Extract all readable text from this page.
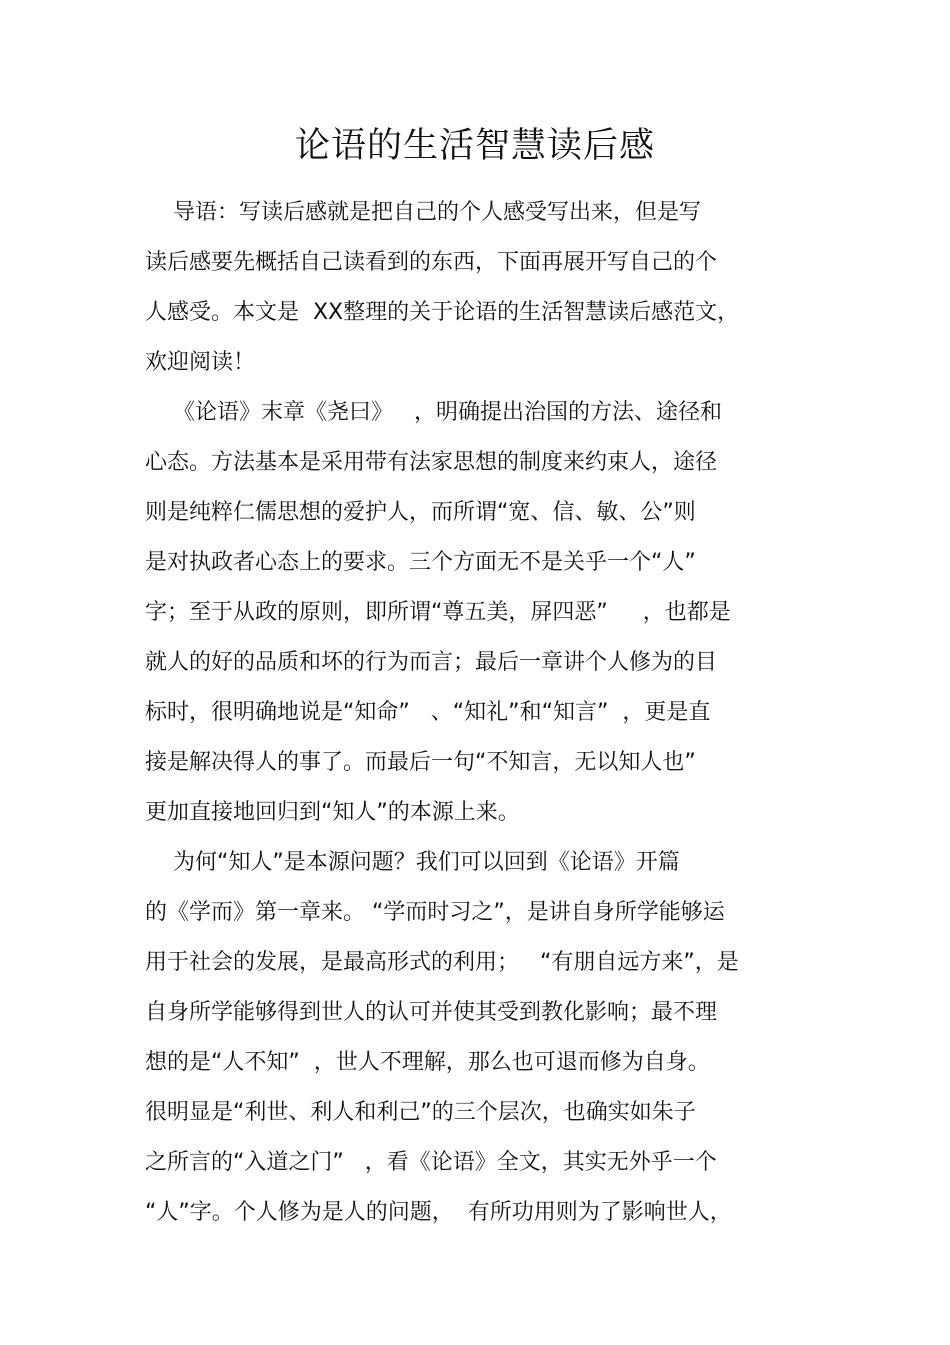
论语的生活智慧读后感
导语：写读后感就是把自己的个人感受写出来，但是写
读后感要先概括自己读看到的东西，下面再展开写自己的个
人感受。本文是  XX整理的关于论语的生活智慧读后感范文，
欢迎阅读！
《论语》末章《尧曰》   ，明确提出治国的方法、途径和
心态。方法基本是采用带有法家思想的制度来约束人，途径
则是纯粹仁儒思想的爱护人，而所谓“宽、信、敏、公”则
是对执政者心态上的要求。三个方面无不是关乎一个“人”
字；至于从政的原则，即所谓“尊五美，屏四恶”     ，也都是
就人的好的品质和坏的行为而言；最后一章讲个人修为的目
标时，很明确地说是“知命”   、“知礼”和“知言”  ，更是直
接是解决得人的事了。而最后一句“不知言，无以知人也”
更加直接地回归到“知人”的本源上来。
为何“知人”是本源问题？我们可以回到《论语》开篇
的《学而》第一章来。 “学而时习之”，是讲自身所学能够运
用于社会的发展，是最高形式的利用；   “有朋自远方来”，是
自身所学能够得到世人的认可并使其受到教化影响；最不理
想的是“人不知”  ，世人不理解，那么也可退而修为自身。
很明显是“利世、利人和利己”的三个层次，也确实如朱子
之所言的“入道之门”   ，看《论语》全文，其实无外乎一个
“人”字。个人修为是人的问题，  有所功用则为了影响世人，
